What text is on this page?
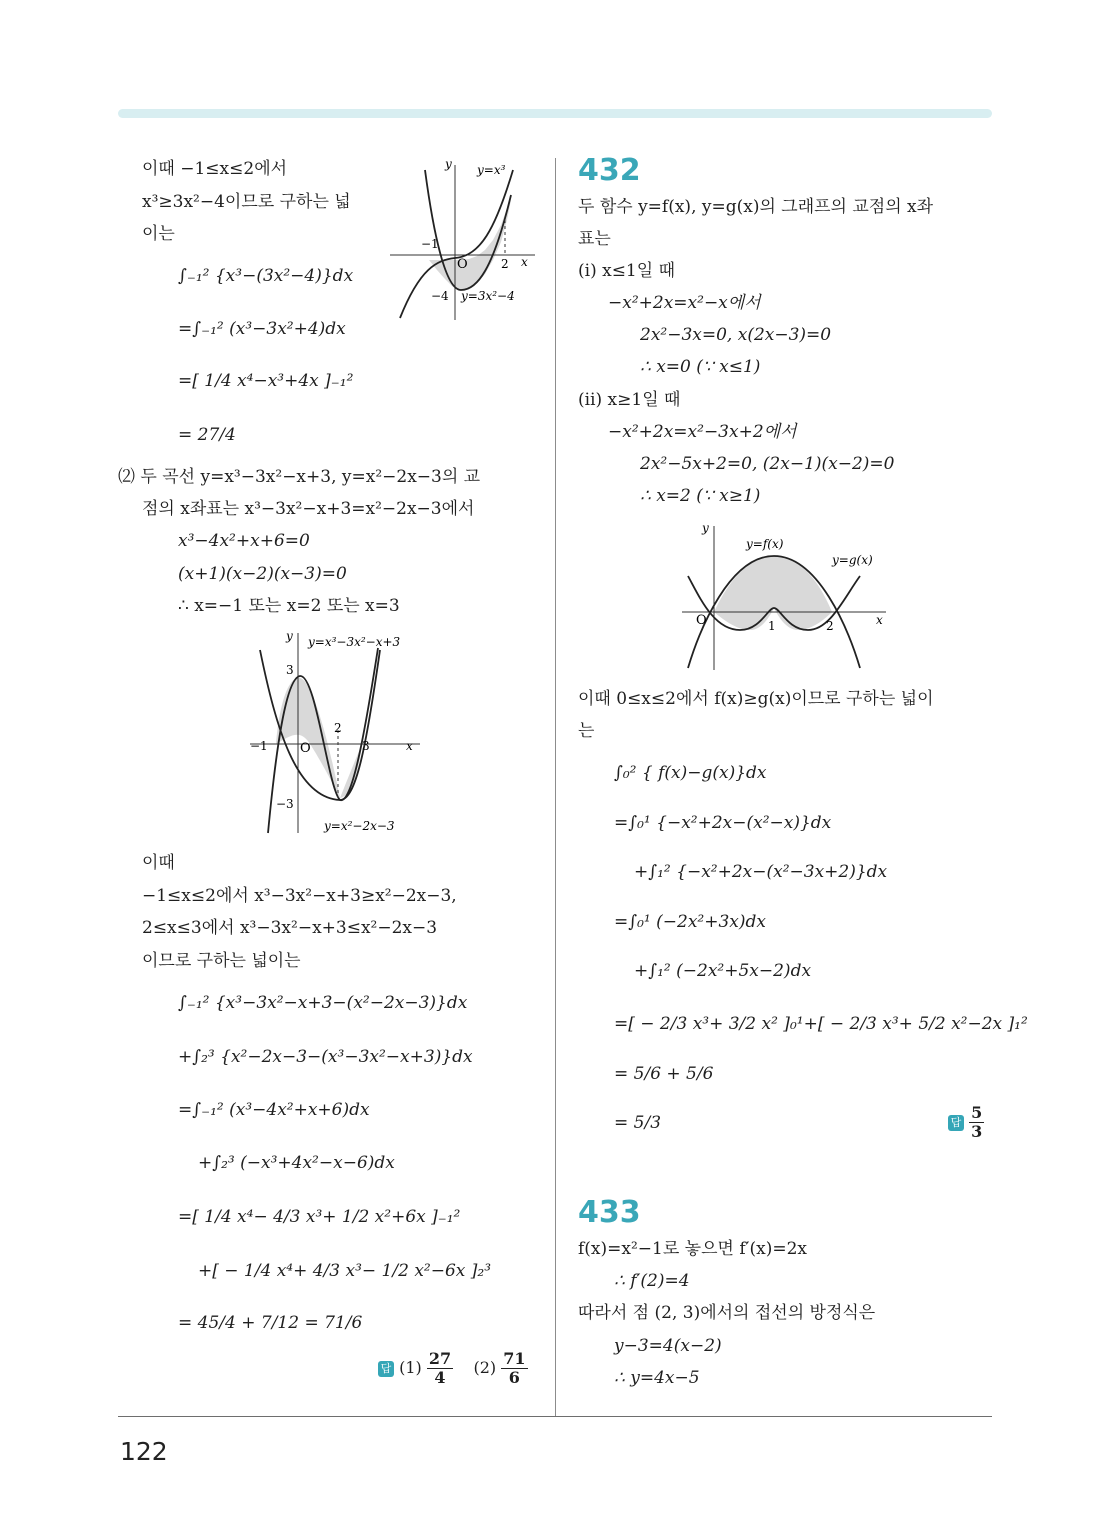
이때 −1≤x≤2에서
x³≥3x²−4이므로 구하는 넓
이는
∫₋₁² {x³−(3x²−4)}dx
=∫₋₁² (x³−3x²+4)dx
=[ 1/4 x⁴−x³+4x ]₋₁²
= 27/4
⑵ 두 곡선 y=x³−3x²−x+3, y=x²−2x−3의 교
점의 x좌표는 x³−3x²−x+3=x²−2x−3에서
x³−4x²+x+6=0
(x+1)(x−2)(x−3)=0
∴ x=−1 또는 x=2 또는 x=3
이때
−1≤x≤2에서 x³−3x²−x+3≥x²−2x−3,
2≤x≤3에서 x³−3x²−x+3≤x²−2x−3
이므로 구하는 넓이는
∫₋₁² {x³−3x²−x+3−(x²−2x−3)}dx
+∫₂³ {x²−2x−3−(x³−3x²−x+3)}dx
=∫₋₁² (x³−4x²+x+6)dx
+∫₂³ (−x³+4x²−x−6)dx
=[ 1/4 x⁴− 4/3 x³+ 1/2 x²+6x ]₋₁²
+[ − 1/4 x⁴+ 4/3 x³− 1/2 x²−6x ]₂³
= 45/4 + 7/12 = 71/6
답 $(1) \frac{27}{4} (2) \frac{71}{6}$
y y=x³
−1
O	2 x
−4 y=3x²−4
y y=x³−3x²−x+3
3
2
−1 O	3	x
−3
y=x²−2x−3
432
두 함수 y=f(x), y=g(x)의 그래프의 교점의 x좌
표는
(ⅰ) x≤1일 때
−x²+2x=x²−x에서
2x²−3x=0, x(2x−3)=0
∴ x=0 (∵ x≤1)
(ⅱ) x≥1일 때
−x²+2x=x²−3x+2에서
2x²−5x+2=0, (2x−1)(x−2)=0
∴ x=2 (∵ x≥1)
이때 0≤x≤2에서 f(x)≥g(x)이므로 구하는 넓이
는
∫₀² { f(x)−g(x)}dx
=∫₀¹ {−x²+2x−(x²−x)}dx
+∫₁² {−x²+2x−(x²−3x+2)}dx
=∫₀¹ (−2x²+3x)dx
+∫₁² (−2x²+5x−2)dx
=[ − 2/3 x³+ 3/2 x² ]₀¹+[ − 2/3 x³+ 5/2 x²−2x ]₁²
= 5/6 + 5/6
= 5/3	답 $\frac{5}{3}$
y
y=f(x)
y=g(x)
O	1	2	x
433
f(x)=x²−1로 놓으면 f′(x)=2x
∴ f′(2)=4
따라서 점 (2, 3)에서의 접선의 방정식은
y−3=4(x−2)
∴ y=4x−5
122
